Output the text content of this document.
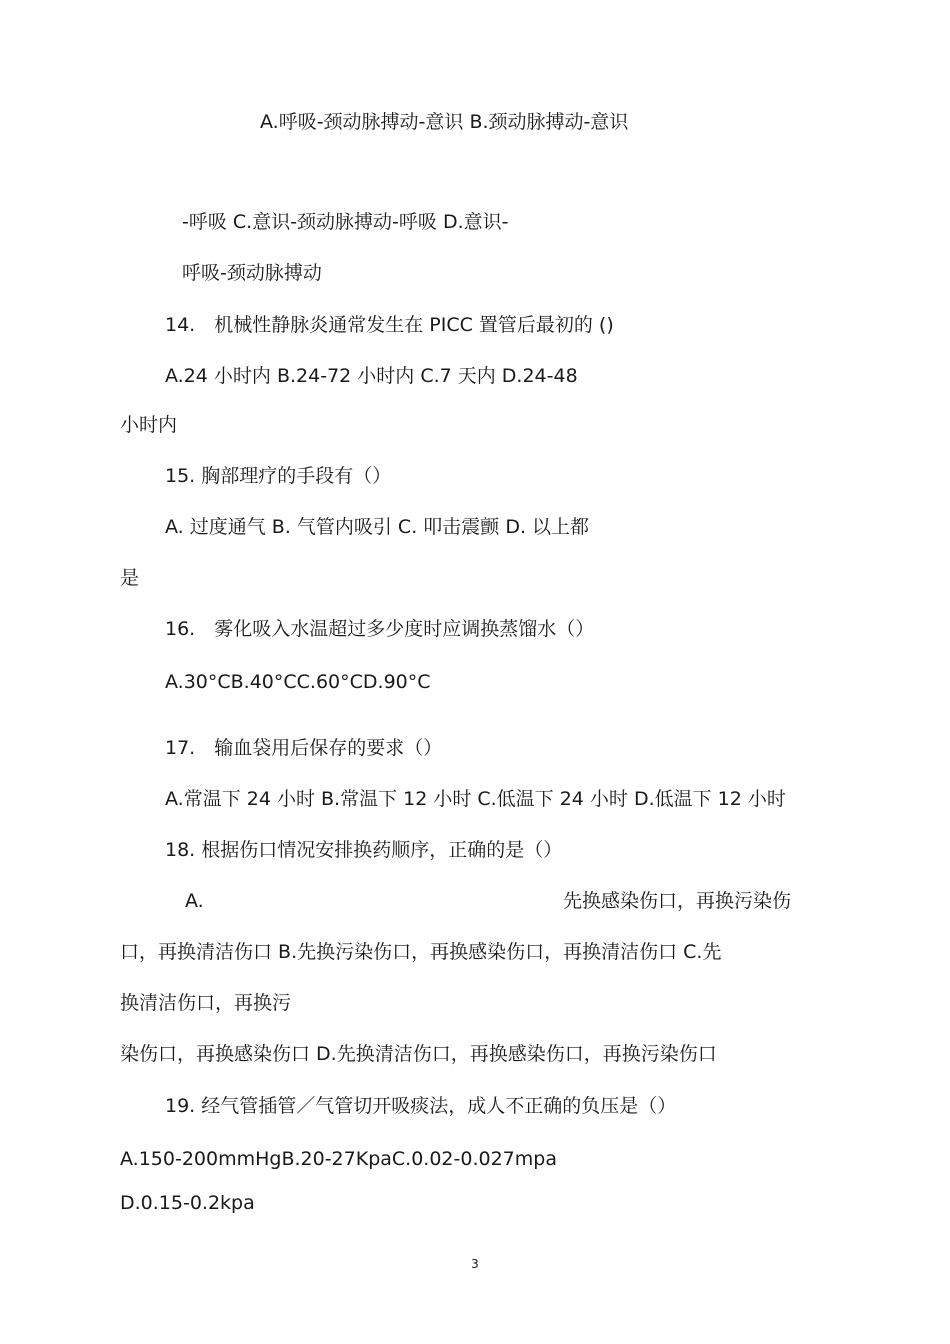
A.呼吸-颈动脉搏动-意识 B.颈动脉搏动-意识

-呼吸 C.意识-颈动脉搏动-呼吸 D.意识-

呼吸-颈动脉搏动

14.　机械性静脉炎通常发生在 PICC 置管后最初的 ()

A.24 小时内 B.24-72 小时内 C.7 天内 D.24-48

小时内

15. 胸部理疗的手段有（）

A. 过度通气 B. 气管内吸引 C. 叩击震颤 D. 以上都

是

16.　雾化吸入水温超过多少度时应调换蒸馏水（）

A.30°CB.40°CC.60°CD.90°C

17.　输血袋用后保存的要求（）

A.常温下 24 小时 B.常温下 12 小时 C.低温下 24 小时 D.低温下 12 小时

18. 根据伤口情况安排换药顺序，正确的是（）

A.	先换感染伤口，再换污染伤

口，再换清洁伤口 B.先换污染伤口，再换感染伤口，再换清洁伤口 C.先

换清洁伤口，再换污

染伤口，再换感染伤口 D.先换清洁伤口，再换感染伤口，再换污染伤口

19. 经气管插管／气管切开吸痰法，成人不正确的负压是（）

A.150-200mmHgB.20-27KpaC.0.02-0.027mpa

D.0.15-0.2kpa

3
